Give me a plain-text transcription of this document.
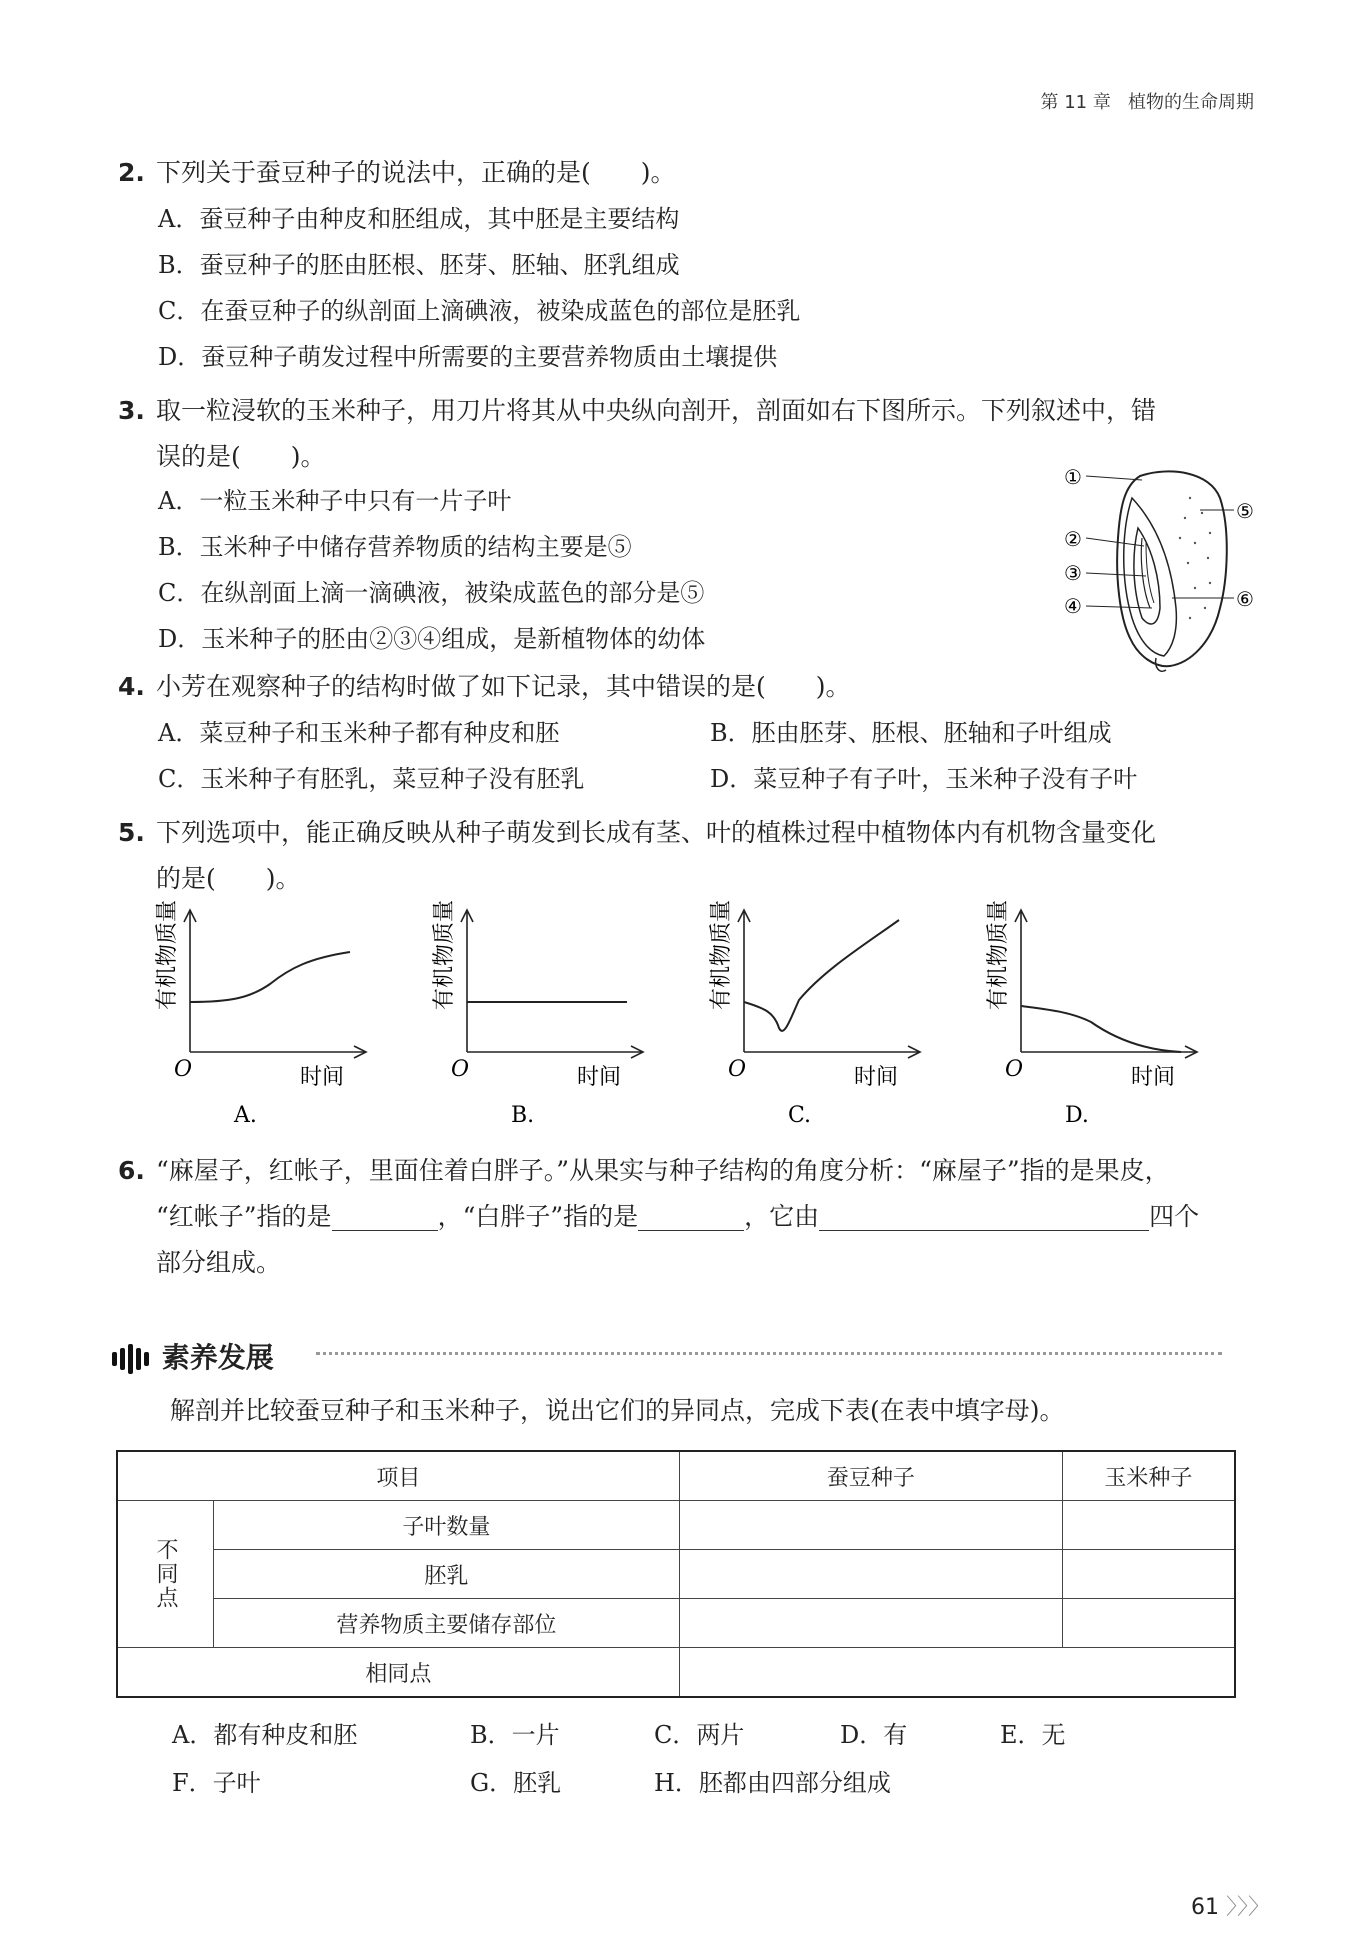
第 11 章 植物的生命周期
2. 下列关于蚕豆种子的说法中，正确的是(　　)。
A．蚕豆种子由种皮和胚组成，其中胚是主要结构
B．蚕豆种子的胚由胚根、胚芽、胚轴、胚乳组成
C．在蚕豆种子的纵剖面上滴碘液，被染成蓝色的部位是胚乳
D．蚕豆种子萌发过程中所需要的主要营养物质由土壤提供
3. 取一粒浸软的玉米种子，用刀片将其从中央纵向剖开，剖面如右下图所示。下列叙述中，错
误的是(　　)。
A．一粒玉米种子中只有一片子叶
B．玉米种子中储存营养物质的结构主要是⑤
C．在纵剖面上滴一滴碘液，被染成蓝色的部分是⑤
D．玉米种子的胚由②③④组成，是新植物体的幼体
①
②
③
④
⑤
⑥
4. 小芳在观察种子的结构时做了如下记录，其中错误的是(　　)。
A．菜豆种子和玉米种子都有种皮和胚	B．胚由胚芽、胚根、胚轴和子叶组成
C．玉米种子有胚乳，菜豆种子没有胚乳	D．菜豆种子有子叶，玉米种子没有子叶
5. 下列选项中，能正确反映从种子萌发到长成有茎、叶的植株过程中植物体内有机物含量变化
的是(　　)。
有机物质量
O	时间
A.
有机物质量
O	时间
B.
有机物质量
O	时间
C.
有机物质量
O	时间
D.
6. “麻屋子，红帐子，里面住着白胖子。”从果实与种子结构的角度分析：“麻屋子”指的是果皮，
“红帐子”指的是	，“白胖子”指的是	，它由	四个
部分组成。
素养发展
解剖并比较蚕豆种子和玉米种子，说出它们的异同点，完成下表(在表中填字母)。
项目		蚕豆种子	玉米种子
不同点	子叶数量		
	胚乳		
	营养物质主要储存部位		
相同点			
A．都有种皮和胚	B．一片	C．两片	D．有	E．无
F．子叶	G．胚乳	H．胚都由四部分组成
61 〉〉〉
